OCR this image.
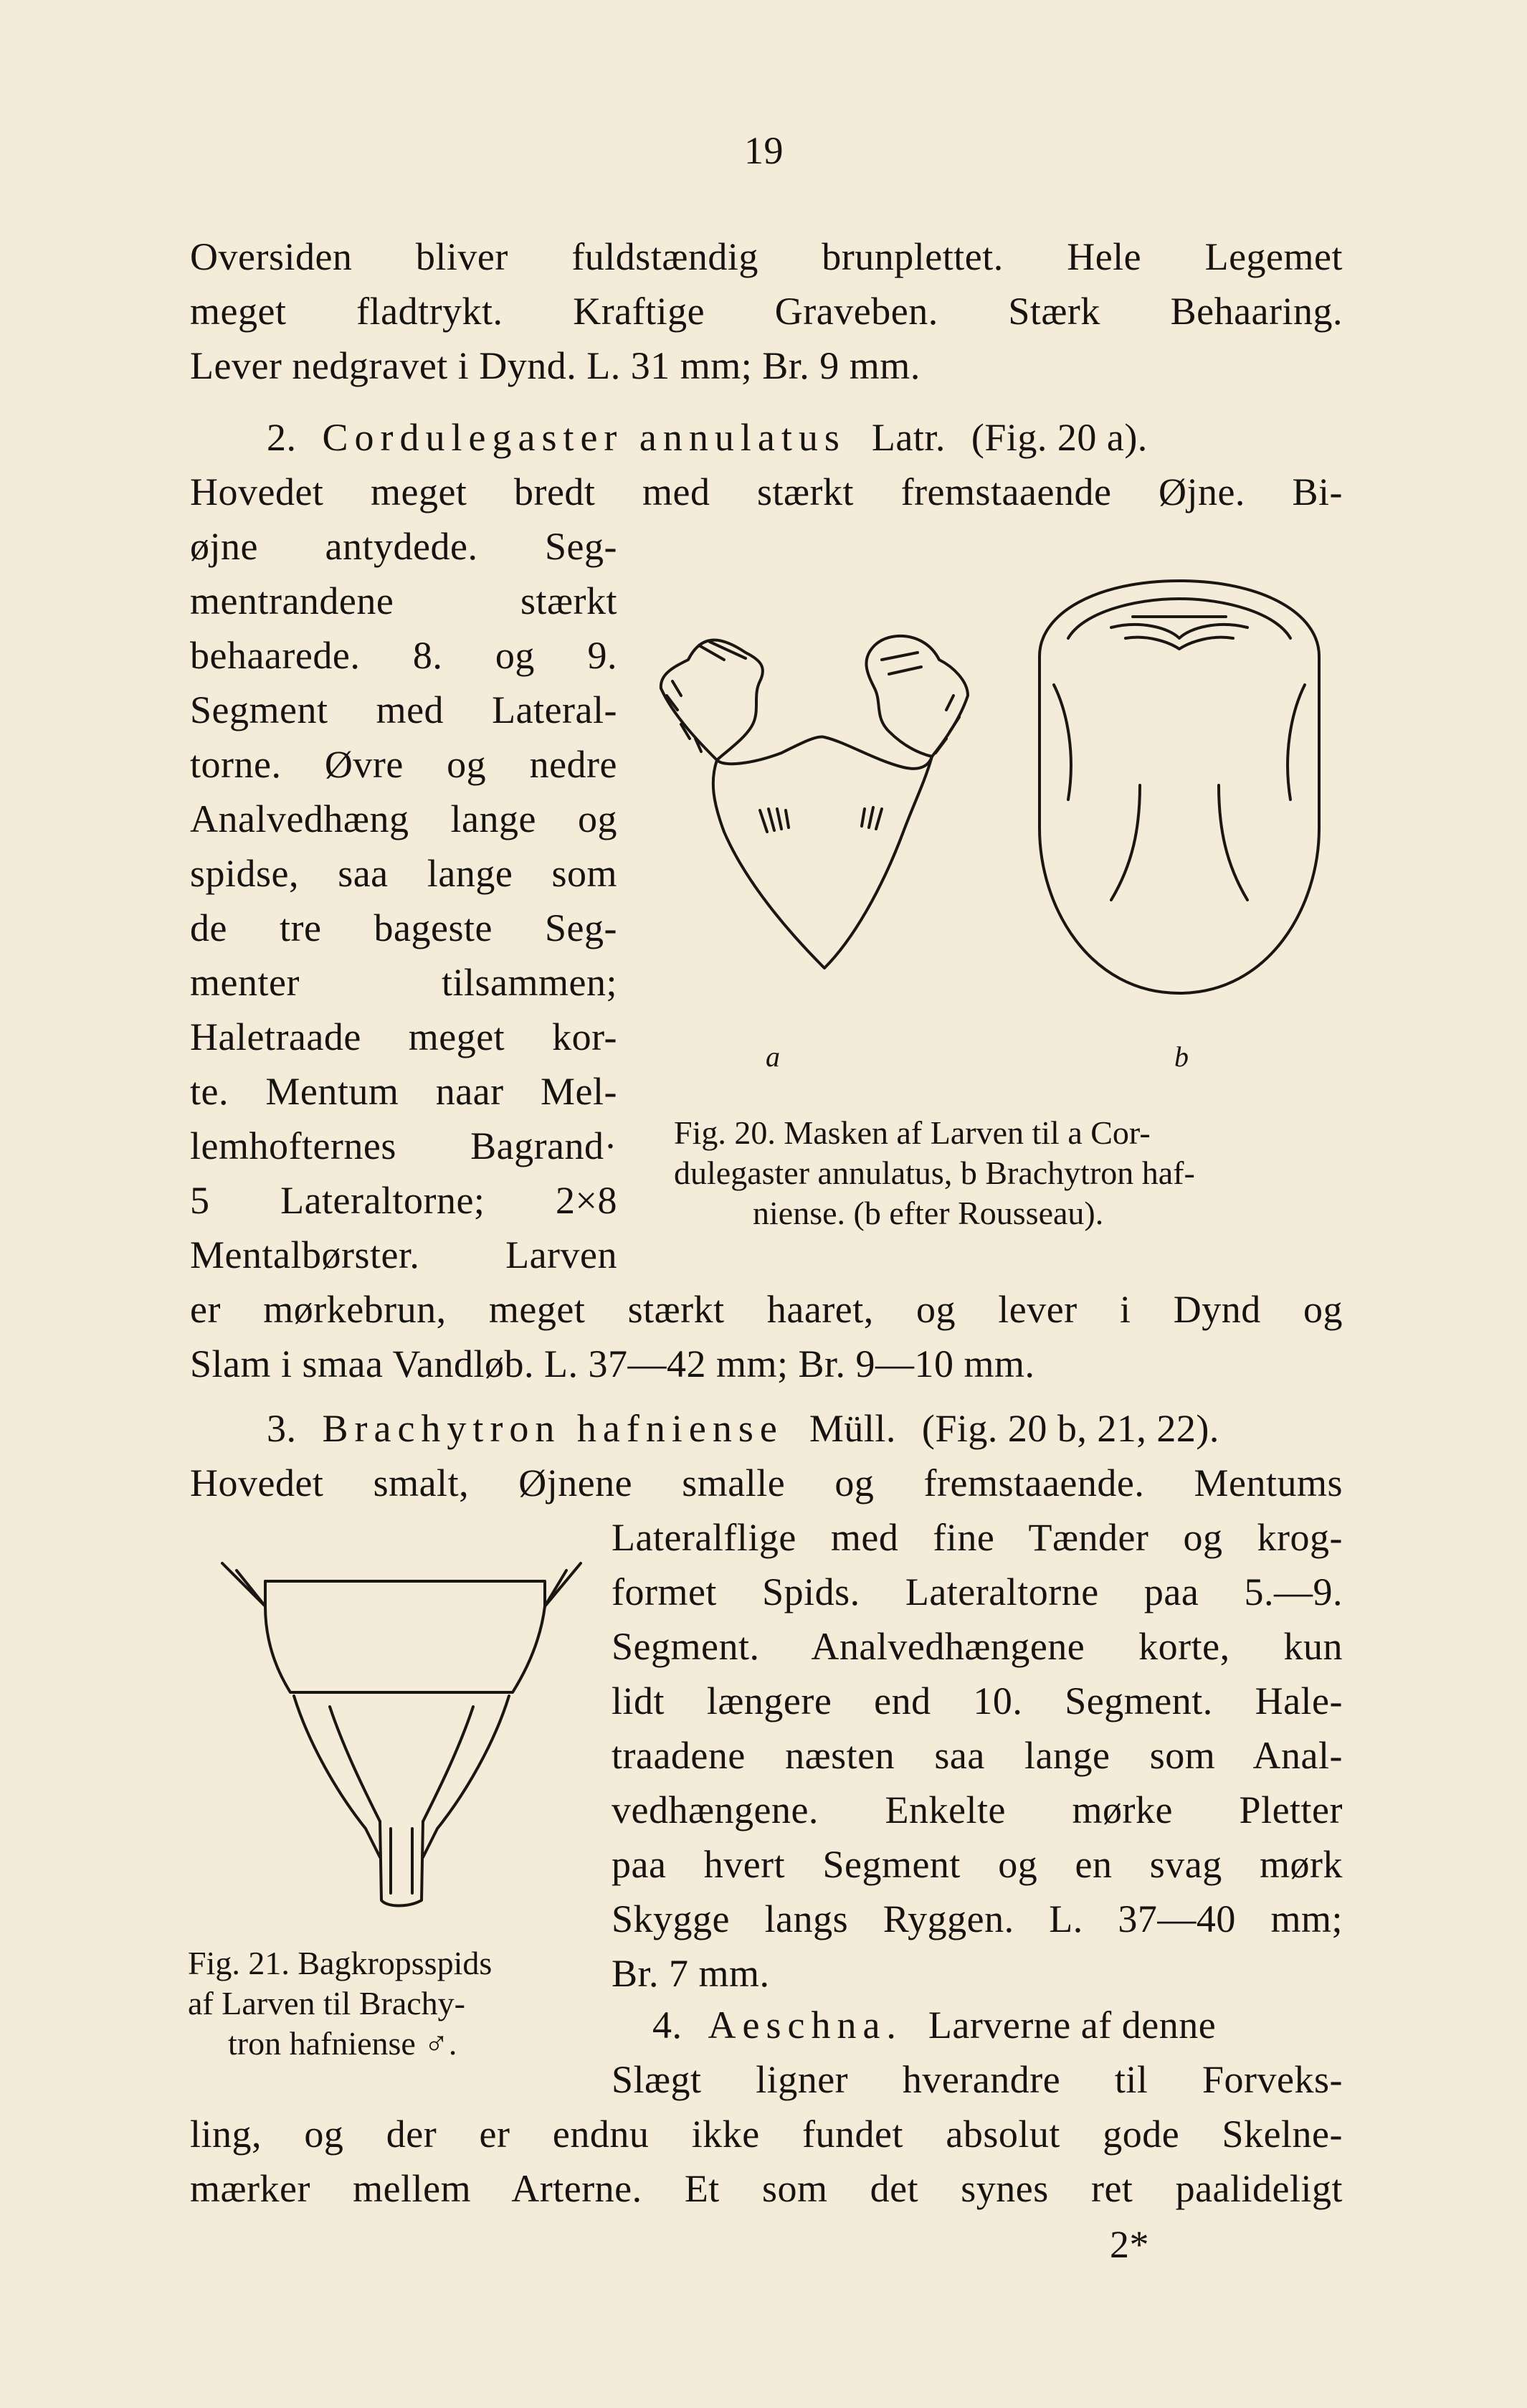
19
Oversiden bliver fuldstændig brunplettet. Hele Legemet
meget fladtrykt. Kraftige Graveben. Stærk Behaaring.
Lever nedgravet i Dynd. L. 31 mm; Br. 9 mm.
2. Cordulegaster annulatus Latr. (Fig. 20 a).
Hovedet meget bredt med stærkt fremstaaende Øjne. Bi-
øjne antydede. Seg-
mentrandene stærkt
behaarede. 8. og 9.
Segment med Lateral-
torne. Øvre og nedre
Analvedhæng lange og
spidse, saa lange som
de tre bageste Seg-
menter tilsammen;
Haletraade meget kor-
te. Mentum naar Mel-
lemhofternes Bagrand·
5 Lateraltorne; 2×8
Mentalbørster. Larven
er mørkebrun, meget stærkt haaret, og lever i Dynd og
Slam i smaa Vandløb. L. 37—42 mm; Br. 9—10 mm.
a	b
Fig. 20. Masken af Larven til a Cor-
dulegaster annulatus, b Brachytron haf-
niense. (b efter Rousseau).
3. Brachytron hafniense Müll. (Fig. 20 b, 21, 22).
Hovedet smalt, Øjnene smalle og fremstaaende. Mentums
Lateralflige med fine Tænder og krog-
formet Spids. Lateraltorne paa 5.—9.
Segment. Analvedhængene korte, kun
lidt længere end 10. Segment. Hale-
traadene næsten saa lange som Anal-
vedhængene. Enkelte mørke Pletter
paa hvert Segment og en svag mørk
Skygge langs Ryggen. L. 37—40 mm;
Br. 7 mm.
Fig. 21. Bagkropsspids
af Larven til Brachy-
tron hafniense ♂.	4. Aeschna. Larverne af denne
Slægt ligner hverandre til Forveks-
ling, og der er endnu ikke fundet absolut gode Skelne-
mærker mellem Arterne. Et som det synes ret paalideligt
2*
